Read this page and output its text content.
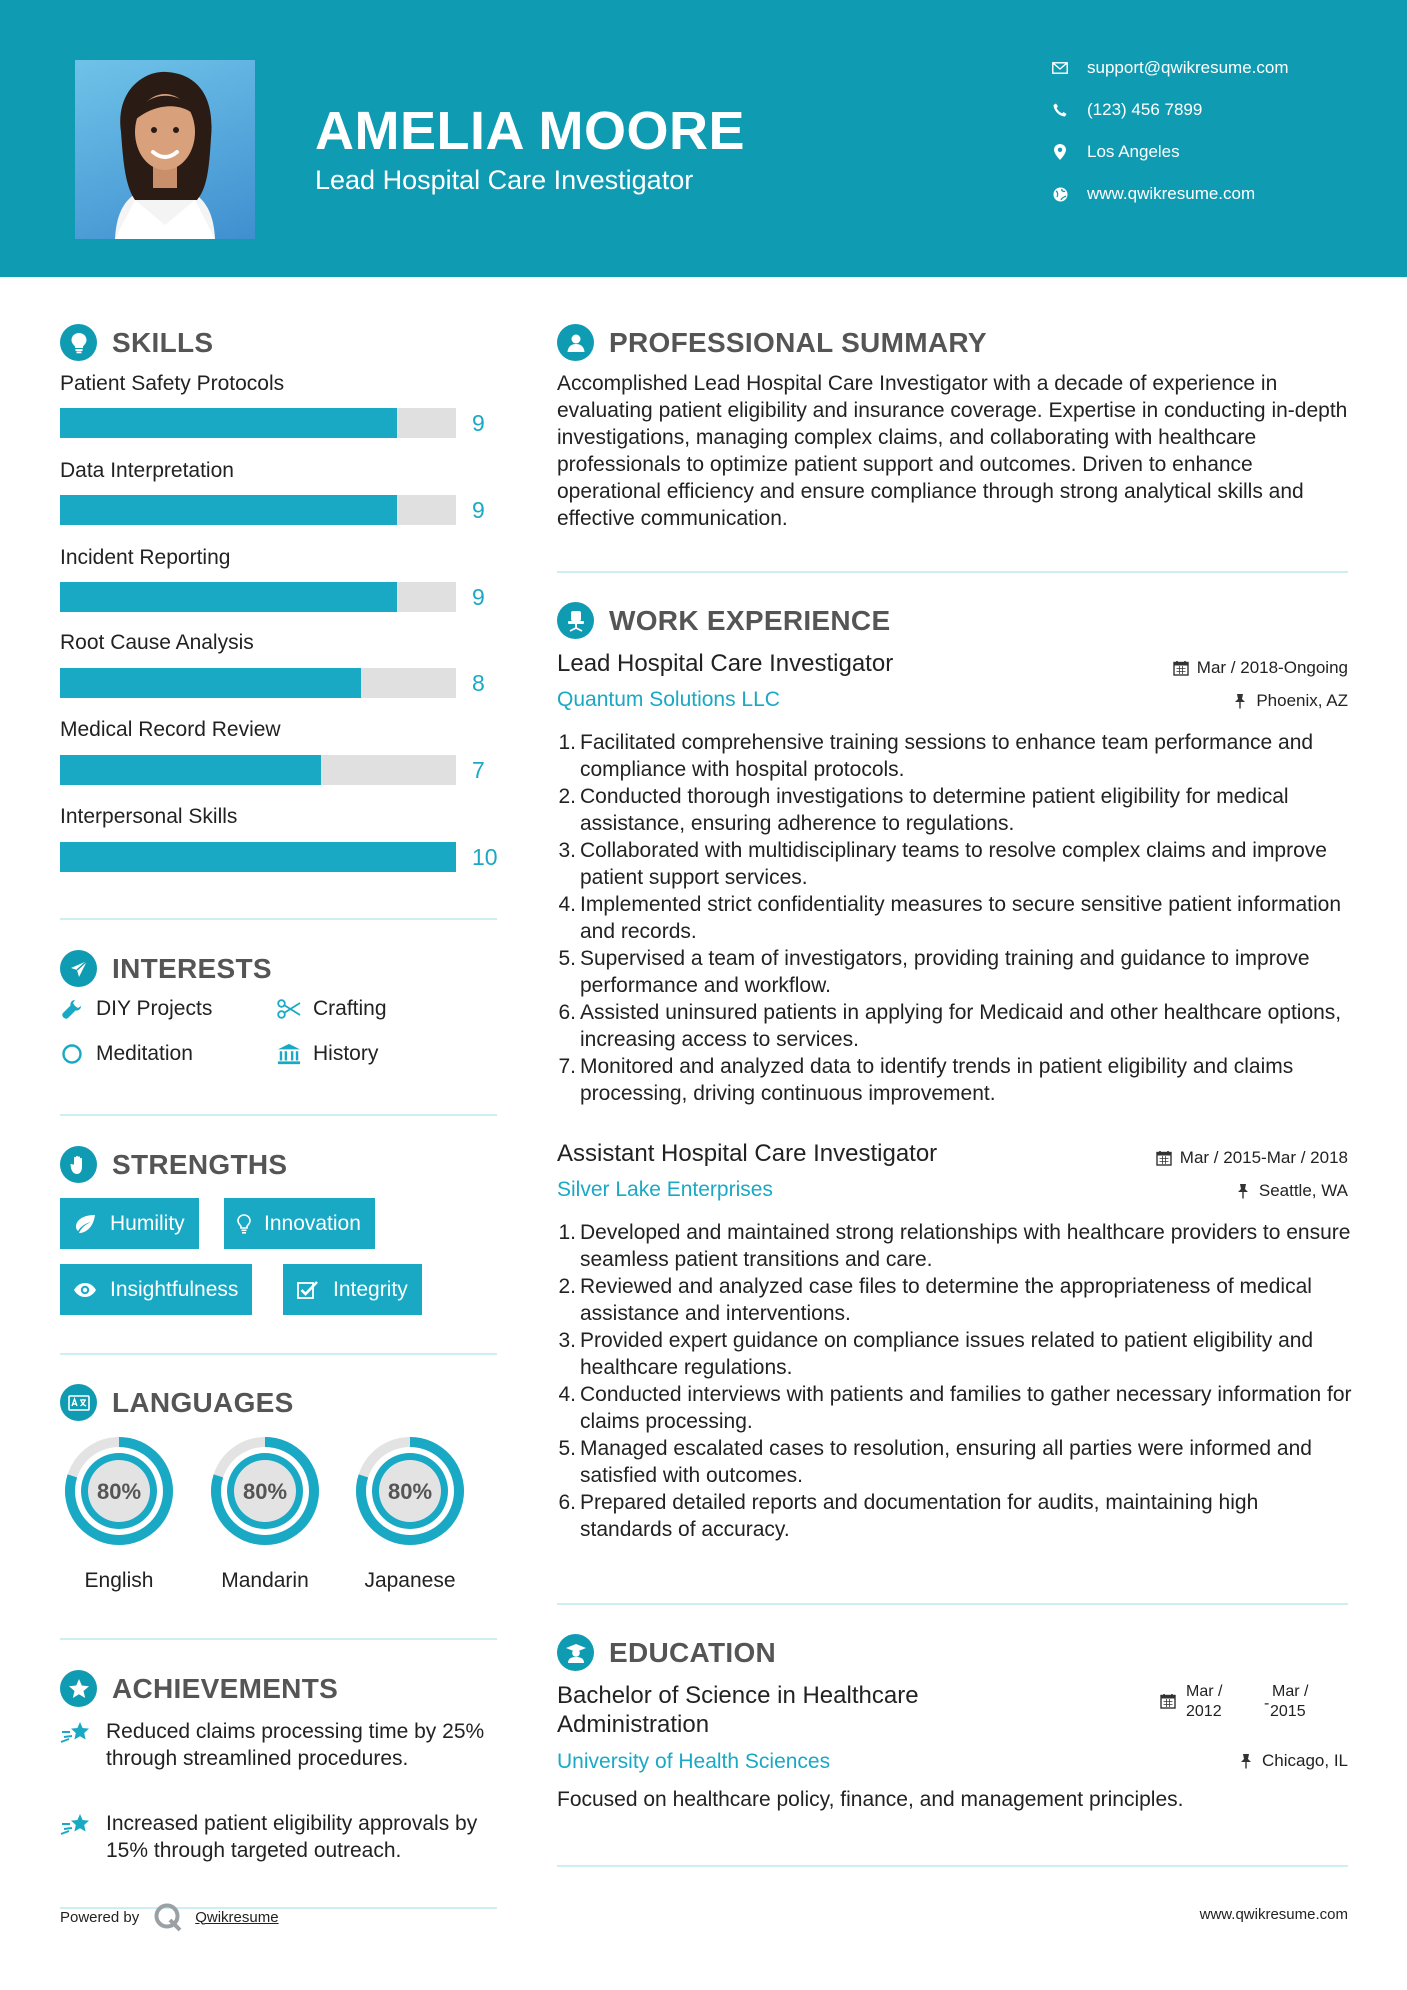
AMELIA MOORE
Lead Hospital Care Investigator
support@qwikresume.com
(123) 456 7899
Los Angeles
www.qwikresume.com
SKILLS
Patient Safety Protocols
9
Data Interpretation
9
Incident Reporting
9
Root Cause Analysis
8
Medical Record Review
7
Interpersonal Skills
10
INTERESTS
DIY Projects	Crafting
Meditation	History
STRENGTHS
Humility	Innovation
Insightfulness	Integrity
LANGUAGES
80%
English
80%
Mandarin
80%
Japanese
ACHIEVEMENTS
Reduced claims processing time by 25% through streamlined procedures.
Increased patient eligibility approvals by 15% through targeted outreach.
PROFESSIONAL SUMMARY
Accomplished Lead Hospital Care Investigator with a decade of experience in evaluating patient eligibility and insurance coverage. Expertise in conducting in-depth investigations, managing complex claims, and collaborating with healthcare professionals to optimize patient support and outcomes. Driven to enhance operational efficiency and ensure compliance through strong analytical skills and effective communication.
WORK EXPERIENCE
Lead Hospital Care Investigator	Mar / 2018-Ongoing
Quantum Solutions LLC	Phoenix, AZ
1. Facilitated comprehensive training sessions to enhance team performance and compliance with hospital protocols.
2. Conducted thorough investigations to determine patient eligibility for medical assistance, ensuring adherence to regulations.
3. Collaborated with multidisciplinary teams to resolve complex claims and improve patient support services.
4. Implemented strict confidentiality measures to secure sensitive patient information and records.
5. Supervised a team of investigators, providing training and guidance to improve performance and workflow.
6. Assisted uninsured patients in applying for Medicaid and other healthcare options, increasing access to services.
7. Monitored and analyzed data to identify trends in patient eligibility and claims processing, driving continuous improvement.
Assistant Hospital Care Investigator	Mar / 2015-Mar / 2018
Silver Lake Enterprises	Seattle, WA
1. Developed and maintained strong relationships with healthcare providers to ensure seamless patient transitions and care.
2. Reviewed and analyzed case files to determine the appropriateness of medical assistance and interventions.
3. Provided expert guidance on compliance issues related to patient eligibility and healthcare regulations.
4. Conducted interviews with patients and families to gather necessary information for claims processing.
5. Managed escalated cases to resolution, ensuring all parties were informed and satisfied with outcomes.
6. Prepared detailed reports and documentation for audits, maintaining high standards of accuracy.
EDUCATION
Bachelor of Science in Healthcare
Administration
Mar /
2012	-
Mar /
2015
University of Health Sciences	Chicago, IL
Focused on healthcare policy, finance, and management principles.
Powered by	Qwikresume	www.qwikresume.com
